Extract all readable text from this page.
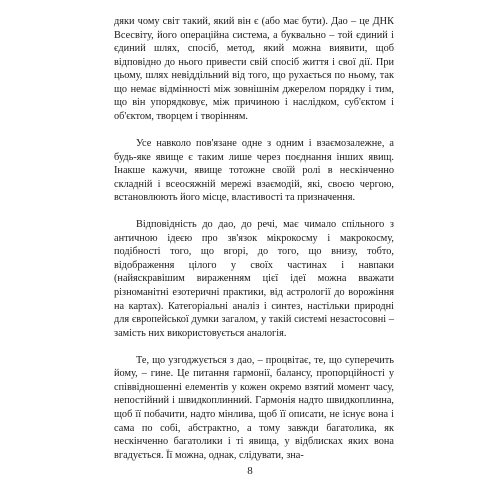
дяки чому світ такий, який він є (або має бути). Дао – це ДНК Всесвіту, його операційна система, а буквально – той єдиний і єдиний шлях, спосіб, метод, який можна виявити, щоб відповідно до нього привести свій спосіб життя і свої дії. При цьому, шлях невіддільний від того, що рухається по ньому, так що немає відмінності між зовнішнім джерелом порядку і тим, що він упорядковує, між причиною і наслідком, суб'єктом і об'єктом, творцем і творінням.

Усе навколо пов'язане одне з одним і взаємозалежне, а будь-яке явище є таким лише через поєднання інших явищ. Інакше кажучи, явище тотожне своїй ролі в нескінченно складній і всеосяжній мережі взаємодій, які, своєю чергою, встановлюють його місце, властивості та призначення.

Відповідність до дао, до речі, має чимало спільного з античною ідеєю про зв'язок мікрокосму і макрокосму, подібності того, що вгорі, до того, що внизу, тобто, відображення цілого у своїх частинах і навпаки (найяскравішим вираженням цієї ідеї можна вважати різноманітні езотеричні практики, від астрології до ворожіння на картах). Категоріальні аналіз і синтез, настільки природні для європейської думки загалом, у такій системі незастосовні – замість них використовується аналогія.

Те, що узгоджується з дао, – процвітає, те, що суперечить йому, – гине. Це питання гармонії, балансу, пропорційності у співвідношенні елементів у кожен окремо взятий момент часу, непостійний і швидкоплинний. Гармонія надто швидкоплинна, щоб її побачити, надто мінлива, щоб її описати, не існує вона і сама по собі, абстрактно, а тому завжди багатолика, як нескінченно багатолики і ті явища, у відблисках яких вона вгадується. Її можна, однак, слідувати, зна-

8
